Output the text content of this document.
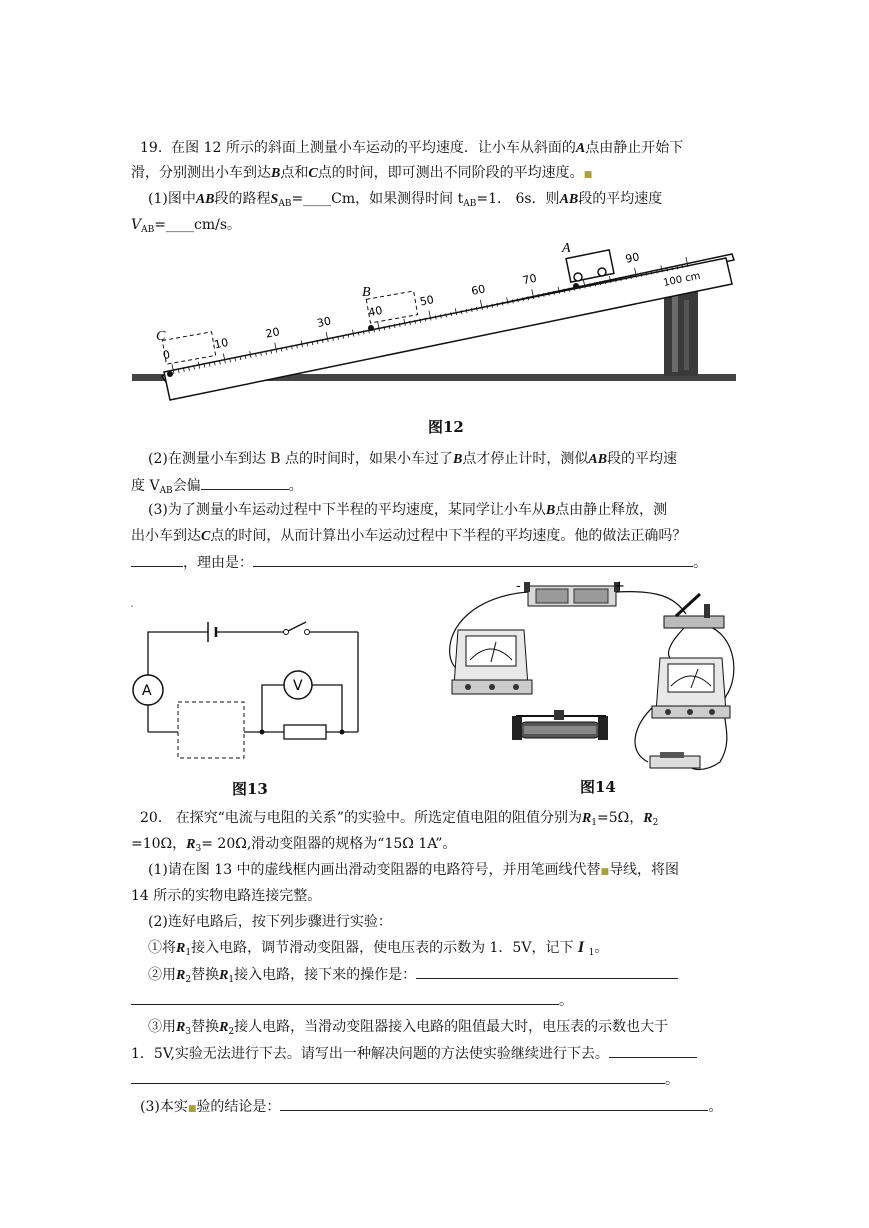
19. 在图 12 所示的斜面上测量小车运动的平均速度．让小车从斜面的A点由静止开始下
滑，分别测出小车到达B点和C点的时间，即可测出不同阶段的平均速度。■
(1)图中AB段的路程$S_{AB}=\_\_\_\_Cm$，如果测得时间 $t_{AB}=1$． 6s．则AB段的平均速度
$V_{AB}=\_\_\_\_cm/s$。
0
10
20
30
40
50
60
70
90
100 cm
A
B
C
图12
(2)在测量小车到达 B 点的时间时，如果小车过了B点才停止计时，测似AB段的平均速
度 $V_{AB}$会偏	。
(3)为了测量小车运动过程中下半程的平均速度，某同学让小车从B点由静止释放，测
出小车到达C点的时间，从而计算出小车运动过程中下半程的平均速度。他的做法正确吗？
，理由是：	。
ˆ
A	V
图13
-	+
图14
20. 在探究“电流与电阻的关系”的实验中。所选定值电阻的阻值分别为$R_1=5\Omega$，$R_2$
=10Ω，$R_3= 20\Omega$,滑动变阻器的规格为“15Ω 1A”。
(1)请在图 13 中的虚线框内画出滑动变阻器的电路符号，并用笔画线代替■导线，将图
14 所示的实物电路连接完整。
(2)连好电路后，按下列步骤进行实验：
①将$R_1$接入电路，调节滑动变阻器，使电压表的示数为 1．5V，记下 I $_1$。
②用$R_2$替换$R_1$接入电路，接下来的操作是：
。
③用$R_3$替换$R_2$接人电路，当滑动变阻器接入电路的阻值最大时，电压表的示数也大于
1．5V,实验无法进行下去。请写出一种解决问题的方法使实验继续进行下去。
。
(3)本实■验的结论是：	。
